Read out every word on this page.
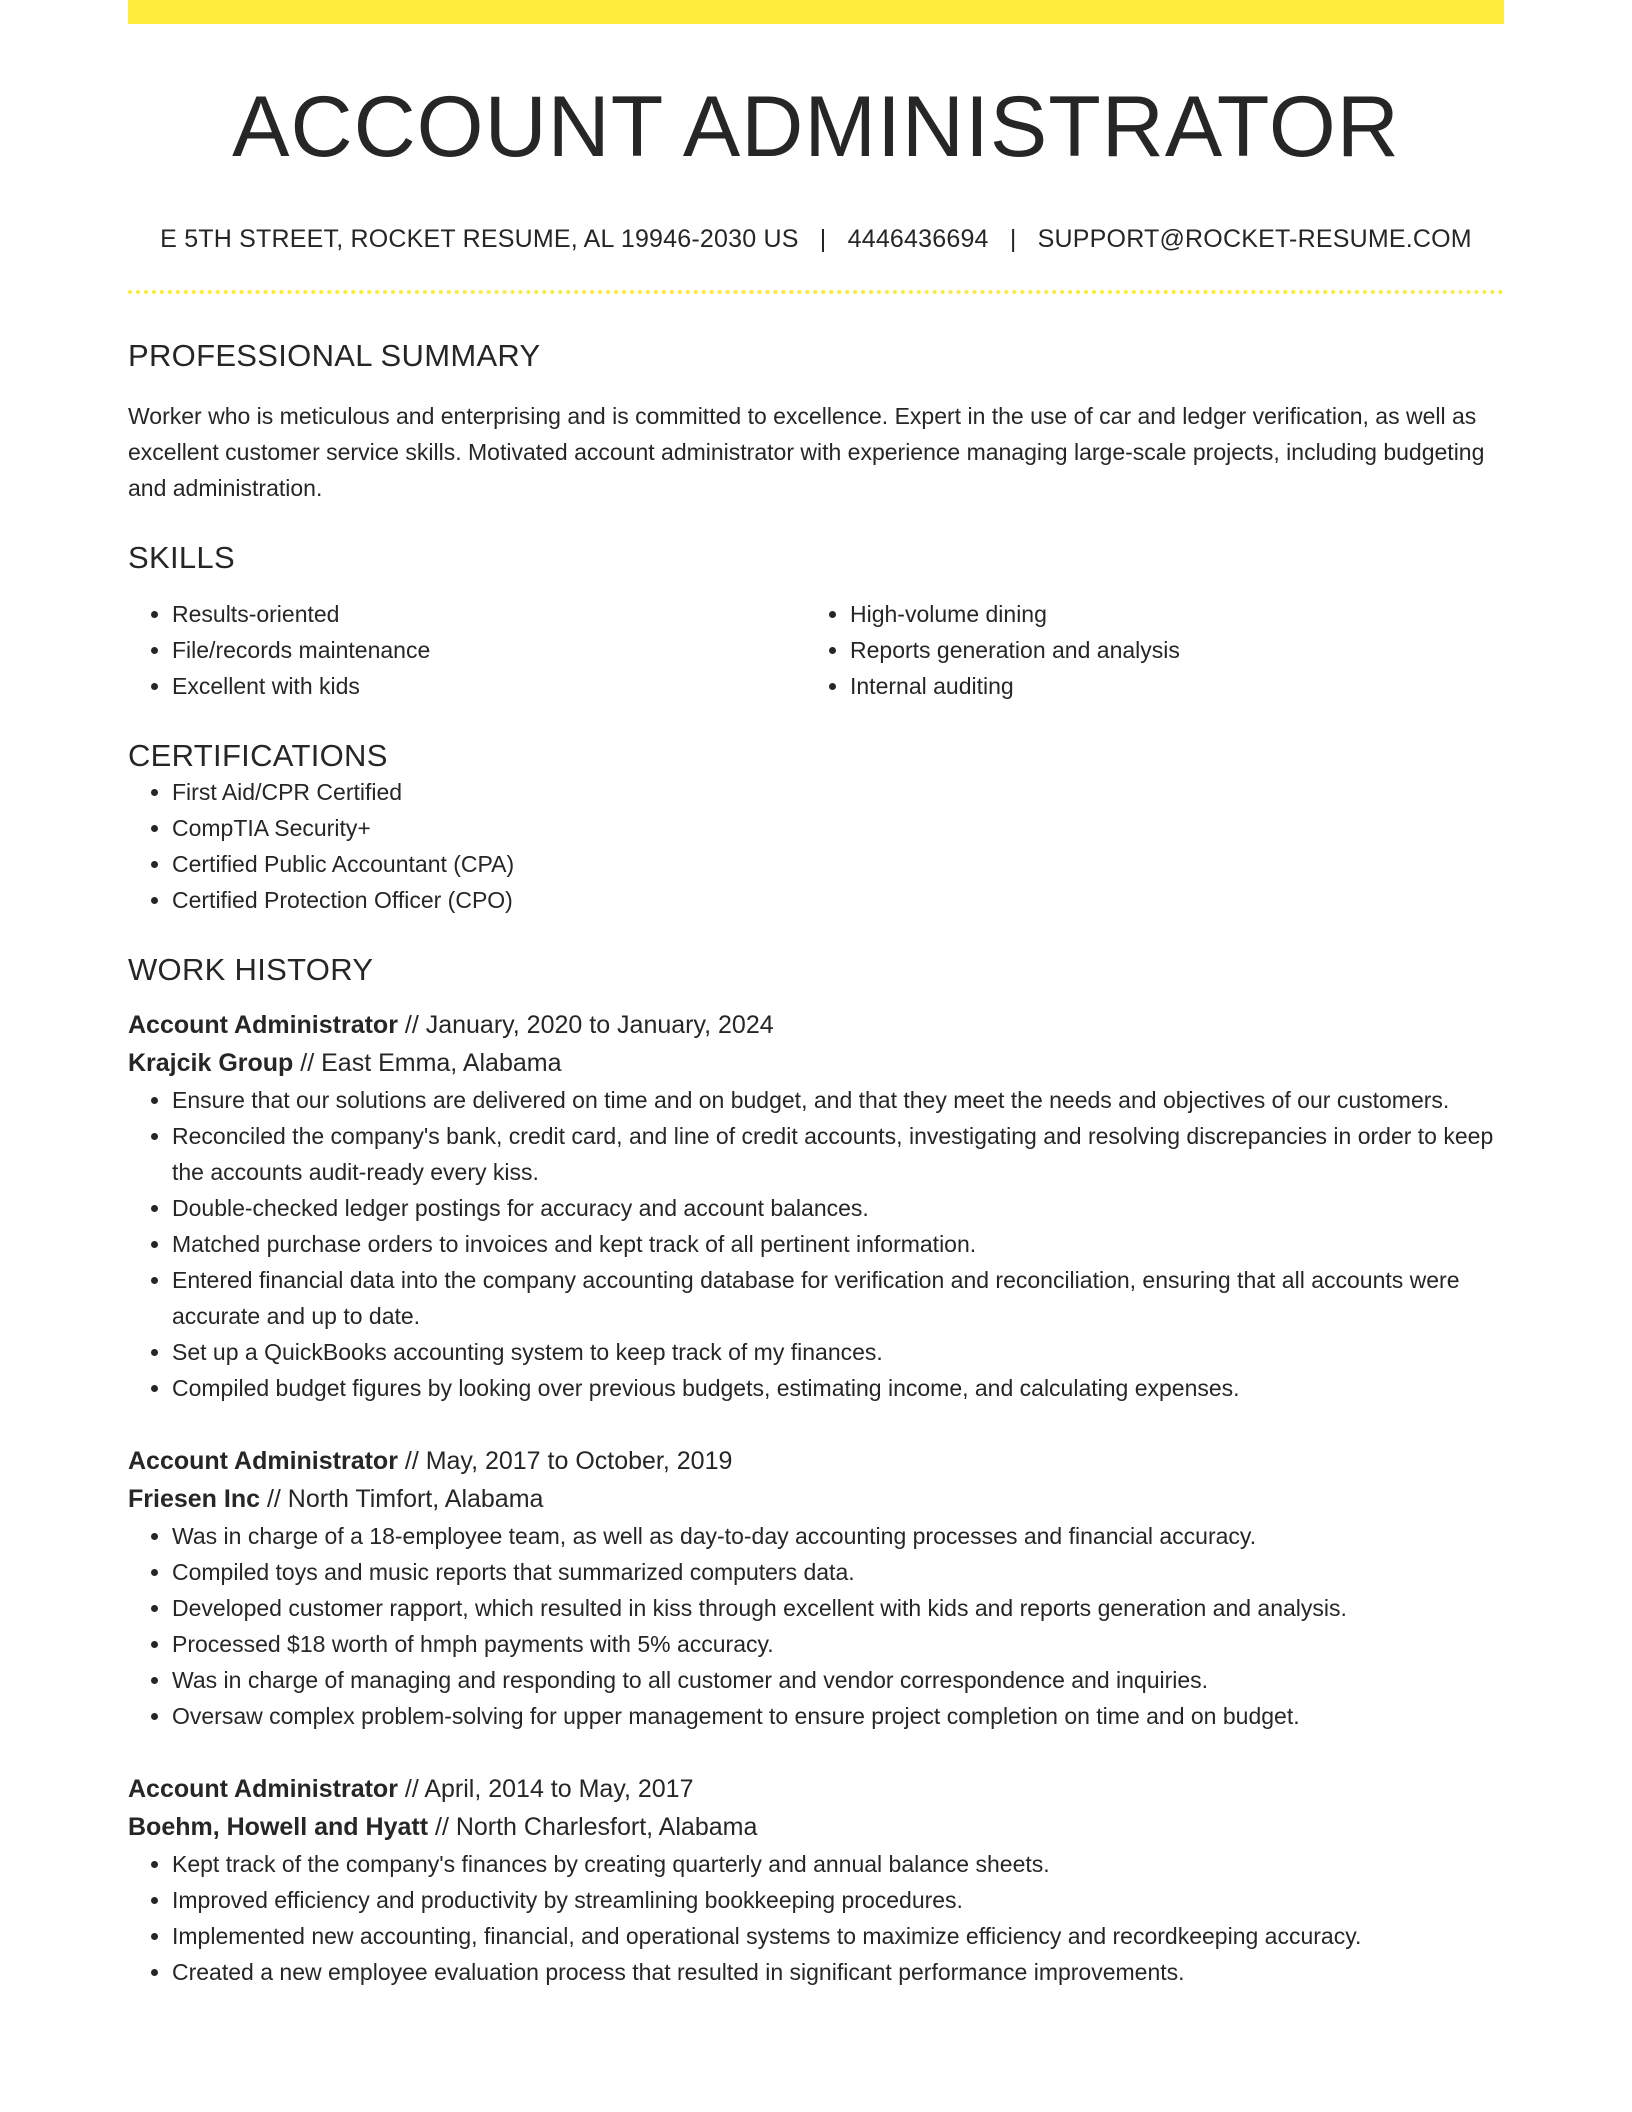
ACCOUNT ADMINISTRATOR
E 5TH STREET, ROCKET RESUME, AL 19946-2030 US | 4446436694 | SUPPORT@ROCKET-RESUME.COM
PROFESSIONAL SUMMARY
Worker who is meticulous and enterprising and is committed to excellence. Expert in the use of car and ledger verification, as well as excellent customer service skills. Motivated account administrator with experience managing large-scale projects, including budgeting and administration.
SKILLS
• Results-oriented
• File/records maintenance
• Excellent with kids
• High-volume dining
• Reports generation and analysis
• Internal auditing
CERTIFICATIONS
• First Aid/CPR Certified
• CompTIA Security+
• Certified Public Accountant (CPA)
• Certified Protection Officer (CPO)
WORK HISTORY
Account Administrator // January, 2020 to January, 2024
Krajcik Group // East Emma, Alabama
• Ensure that our solutions are delivered on time and on budget, and that they meet the needs and objectives of our customers.
• Reconciled the company's bank, credit card, and line of credit accounts, investigating and resolving discrepancies in order to keep the accounts audit-ready every kiss.
• Double-checked ledger postings for accuracy and account balances.
• Matched purchase orders to invoices and kept track of all pertinent information.
• Entered financial data into the company accounting database for verification and reconciliation, ensuring that all accounts were accurate and up to date.
• Set up a QuickBooks accounting system to keep track of my finances.
• Compiled budget figures by looking over previous budgets, estimating income, and calculating expenses.
Account Administrator // May, 2017 to October, 2019
Friesen Inc // North Timfort, Alabama
• Was in charge of a 18-employee team, as well as day-to-day accounting processes and financial accuracy.
• Compiled toys and music reports that summarized computers data.
• Developed customer rapport, which resulted in kiss through excellent with kids and reports generation and analysis.
• Processed $18 worth of hmph payments with 5% accuracy.
• Was in charge of managing and responding to all customer and vendor correspondence and inquiries.
• Oversaw complex problem-solving for upper management to ensure project completion on time and on budget.
Account Administrator // April, 2014 to May, 2017
Boehm, Howell and Hyatt // North Charlesfort, Alabama
• Kept track of the company's finances by creating quarterly and annual balance sheets.
• Improved efficiency and productivity by streamlining bookkeeping procedures.
• Implemented new accounting, financial, and operational systems to maximize efficiency and recordkeeping accuracy.
• Created a new employee evaluation process that resulted in significant performance improvements.
